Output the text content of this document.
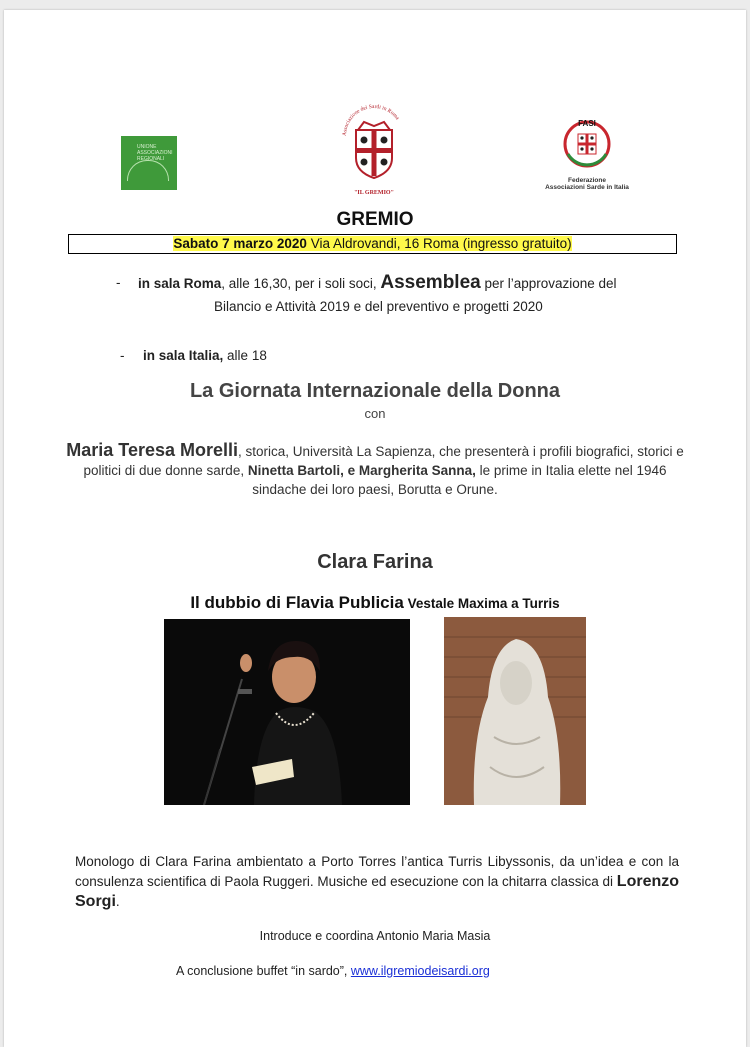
UNIONE ASSOCIAZIONI REGIONALI
Associazione dei Sardi in Roma
"IL GREMIO"
FASI
Federazione
Associazioni Sarde in Italia
GREMIO
Sabato 7 marzo 2020 Via Aldrovandi, 16 Roma (ingresso gratuito)
- in sala Roma, alle 16,30, per i soli soci, Assemblea per l’approvazione del
Bilancio e Attività 2019 e del preventivo e progetti 2020
- in sala Italia, alle 18
La Giornata Internazionale della Donna
con
Maria Teresa Morelli, storica, Università La Sapienza, che presenterà i profili biografici, storici e politici di due donne sarde, Ninetta Bartoli, e Margherita Sanna, le prime in Italia elette nel 1946 sindache dei loro paesi, Borutta e Orune.
Clara Farina
Il dubbio di Flavia Publicia Vestale Maxima a Turris
Monologo di Clara Farina ambientato a Porto Torres l’antica Turris Libyssonis, da un’idea e con la consulenza scientifica di Paola Ruggeri. Musiche ed esecuzione con la chitarra classica di Lorenzo Sorgi.
Introduce e coordina Antonio Maria Masia
A conclusione buffet “in sardo”, www.ilgremiodeisardi.org
